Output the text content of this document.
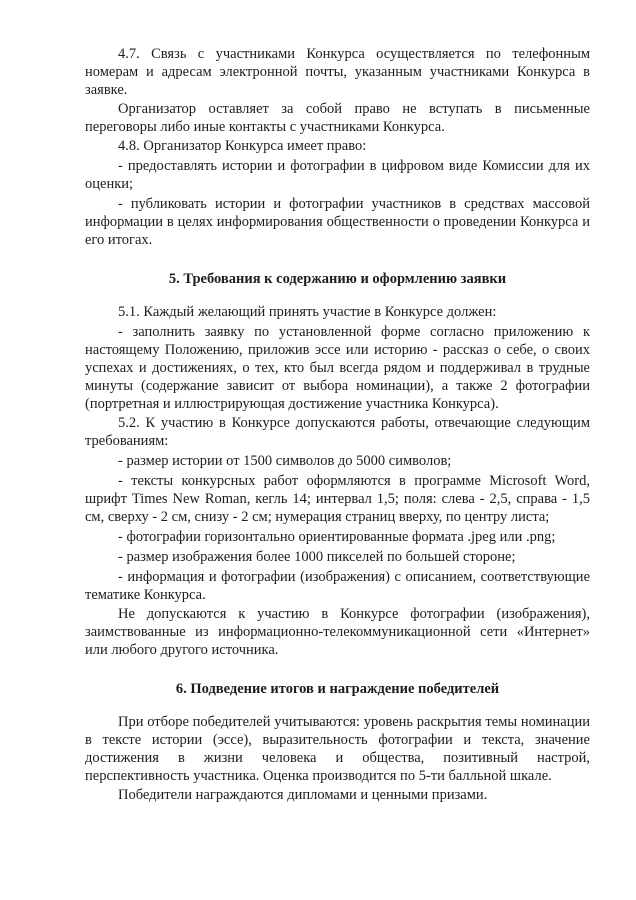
4.7. Связь с участниками Конкурса осуществляется по телефонным номерам и адресам электронной почты, указанным участниками Конкурса в заявке.

Организатор оставляет за собой право не вступать в письменные переговоры либо иные контакты с участниками Конкурса.

4.8. Организатор Конкурса имеет право:

- предоставлять истории и фотографии в цифровом виде Комиссии для их оценки;

- публиковать истории и фотографии участников в средствах массовой информации в целях информирования общественности о проведении Конкурса и его итогах.

5. Требования к содержанию и оформлению заявки

5.1. Каждый желающий принять участие в Конкурсе должен:

- заполнить заявку по установленной форме согласно приложению к настоящему Положению, приложив эссе или историю - рассказ о себе, о своих успехах и достижениях, о тех, кто был всегда рядом и поддерживал в трудные минуты (содержание зависит от выбора номинации), а также 2 фотографии (портретная и иллюстрирующая достижение участника Конкурса).

5.2. К участию в Конкурсе допускаются работы, отвечающие следующим требованиям:

- размер истории от 1500 символов до 5000 символов;

- тексты конкурсных работ оформляются в программе Microsoft Word, шрифт Times New Roman, кегль 14; интервал 1,5; поля: слева - 2,5, справа - 1,5 см, сверху - 2 см, снизу - 2 см; нумерация страниц вверху, по центру листа;

- фотографии горизонтально ориентированные формата .jpeg или .png;

- размер изображения более 1000 пикселей по большей стороне;

- информация и фотографии (изображения) с описанием, соответствующие тематике Конкурса.

Не допускаются к участию в Конкурсе фотографии (изображения), заимствованные из информационно-телекоммуникационной сети «Интернет» или любого другого источника.

6. Подведение итогов и награждение победителей

При отборе победителей учитываются: уровень раскрытия темы номинации в тексте истории (эссе), выразительность фотографии и текста, значение достижения в жизни человека и общества, позитивный настрой, перспективность участника. Оценка производится по 5-ти балльной шкале.

Победители награждаются дипломами и ценными призами.
